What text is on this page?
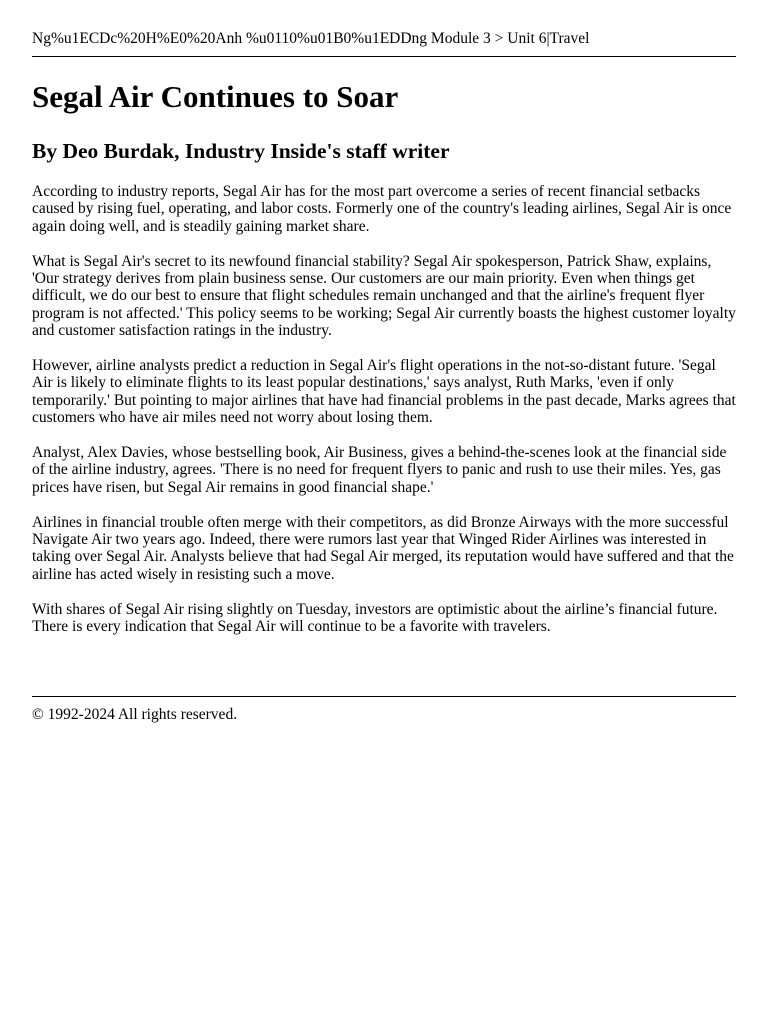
Ng%u1ECDc%20H%E0%20Anh %u0110%u01B0%u1EDDng Module 3 > Unit 6|Travel
Segal Air Continues to Soar
By Deo Burdak, Industry Inside's staff writer

According to industry reports, Segal Air has for the most part overcome a series of recent financial setbacks caused by rising fuel, operating, and labor costs. Formerly one of the country's leading airlines, Segal Air is once again doing well, and is steadily gaining market share.

What is Segal Air's secret to its newfound financial stability? Segal Air spokesperson, Patrick Shaw, explains, 'Our strategy derives from plain business sense. Our customers are our main priority. Even when things get difficult, we do our best to ensure that flight schedules remain unchanged and that the airline's frequent flyer program is not affected.' This policy seems to be working; Segal Air currently boasts the highest customer loyalty and customer satisfaction ratings in the industry.

However, airline analysts predict a reduction in Segal Air's flight operations in the not-so-distant future. 'Segal Air is likely to eliminate flights to its least popular destinations,' says analyst, Ruth Marks, 'even if only temporarily.' But pointing to major airlines that have had financial problems in the past decade, Marks agrees that customers who have air miles need not worry about losing them.

Analyst, Alex Davies, whose bestselling book, Air Business, gives a behind-the-scenes look at the financial side of the airline industry, agrees. 'There is no need for frequent flyers to panic and rush to use their miles. Yes, gas prices have risen, but Segal Air remains in good financial shape.'

Airlines in financial trouble often merge with their competitors, as did Bronze Airways with the more successful Navigate Air two years ago. Indeed, there were rumors last year that Winged Rider Airlines was interested in taking over Segal Air. Analysts believe that had Segal Air merged, its reputation would have suffered and that the airline has acted wisely in resisting such a move.

With shares of Segal Air rising slightly on Tuesday, investors are optimistic about the airline’s financial future. There is every indication that Segal Air will continue to be a favorite with travelers.

© 1992-2024 All rights reserved.
